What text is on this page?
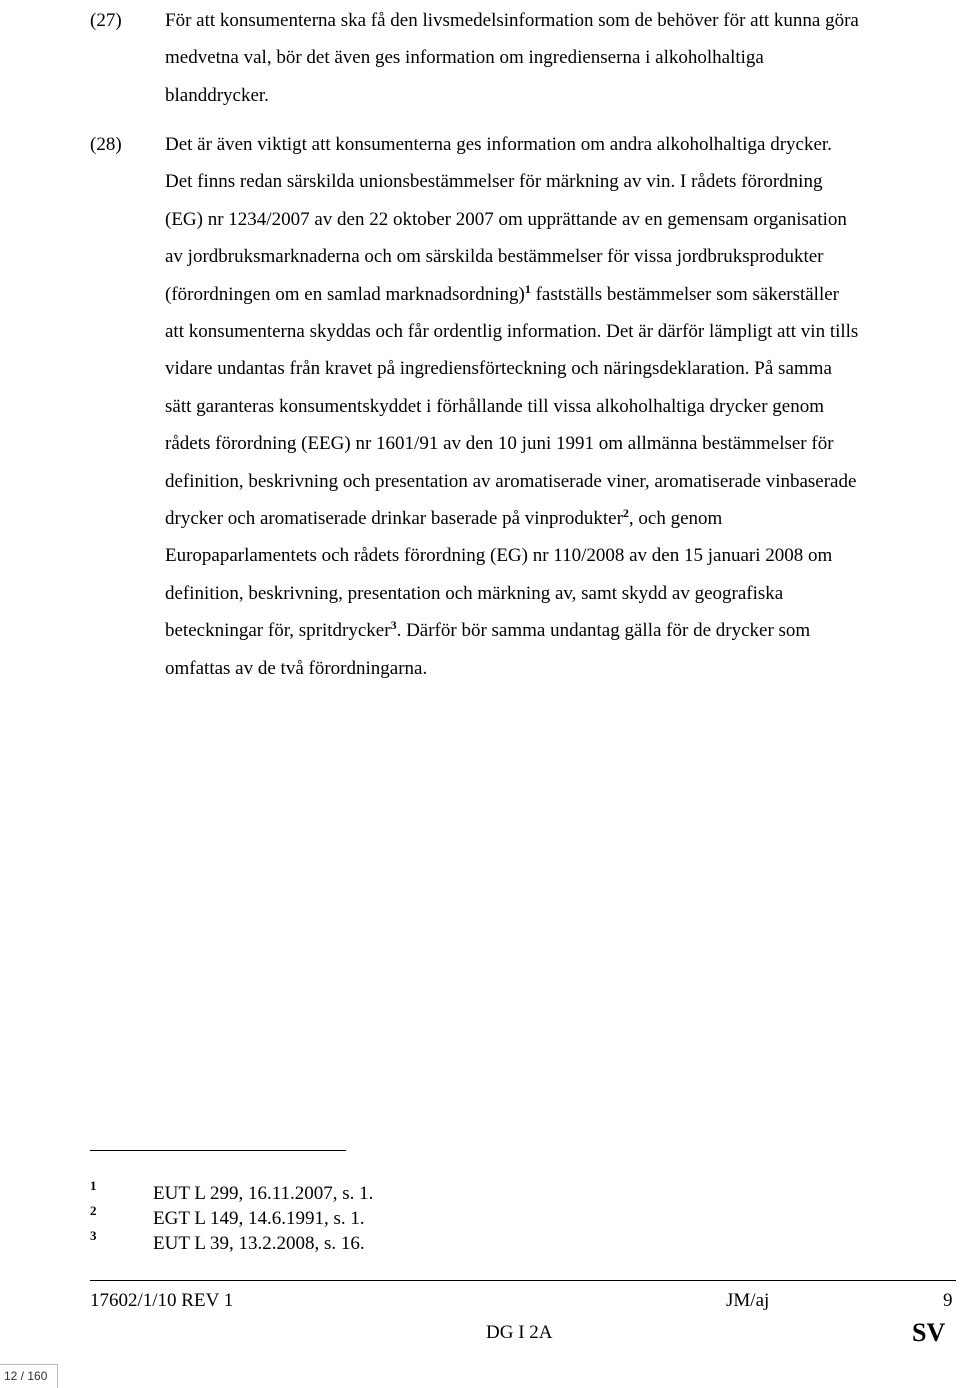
(27) För att konsumenterna ska få den livsmedelsinformation som de behöver för att kunna göra
medvetna val, bör det även ges information om ingredienserna i alkoholhaltiga
blanddrycker.
(28) Det är även viktigt att konsumenterna ges information om andra alkoholhaltiga drycker.
Det finns redan särskilda unionsbestämmelser för märkning av vin. I rådets förordning
(EG) nr 1234/2007 av den 22 oktober 2007 om upprättande av en gemensam organisation
av jordbruksmarknaderna och om särskilda bestämmelser för vissa jordbruksprodukter
(förordningen om en samlad marknadsordning)$^1$ fastställs bestämmelser som säkerställer
att konsumenterna skyddas och får ordentlig information. Det är därför lämpligt att vin tills
vidare undantas från kravet på ingrediensförteckning och näringsdeklaration. På samma
sätt garanteras konsumentskyddet i förhållande till vissa alkoholhaltiga drycker genom
rådets förordning (EEG) nr 1601/91 av den 10 juni 1991 om allmänna bestämmelser för
definition, beskrivning och presentation av aromatiserade viner, aromatiserade vinbaserade
drycker och aromatiserade drinkar baserade på vinprodukter$^2$, och genom
Europaparlamentets och rådets förordning (EG) nr 110/2008 av den 15 januari 2008 om
definition, beskrivning, presentation och märkning av, samt skydd av geografiska
beteckningar för, spritdrycker$^3$. Därför bör samma undantag gälla för de drycker som
omfattas av de två förordningarna.
1	EUT L 299, 16.11.2007, s. 1.
2	EGT L 149, 14.6.1991, s. 1.
3	EUT L 39, 13.2.2008, s. 16.
17602/1/10 REV 1	JM/aj	9
DG I 2A	SV
12 / 160
